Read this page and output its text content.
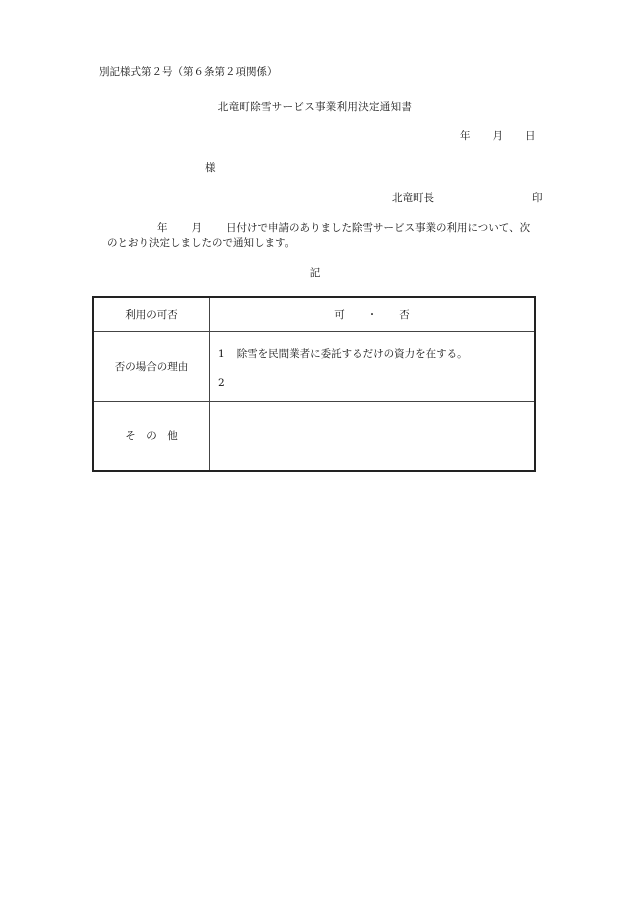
別記様式第２号（第６条第２項関係）
北竜町除雪サービス事業利用決定通知書
年 月 日
様
北竜町長	印
年 月 日付けで申請のありました除雪サービス事業の利用について、次
のとおり決定しましたので通知します。
記
利用の可否	可 ・ 否

否の場合の理由	1 除雪を民間業者に委託するだけの資力を在する。
2

そ　の　他	
